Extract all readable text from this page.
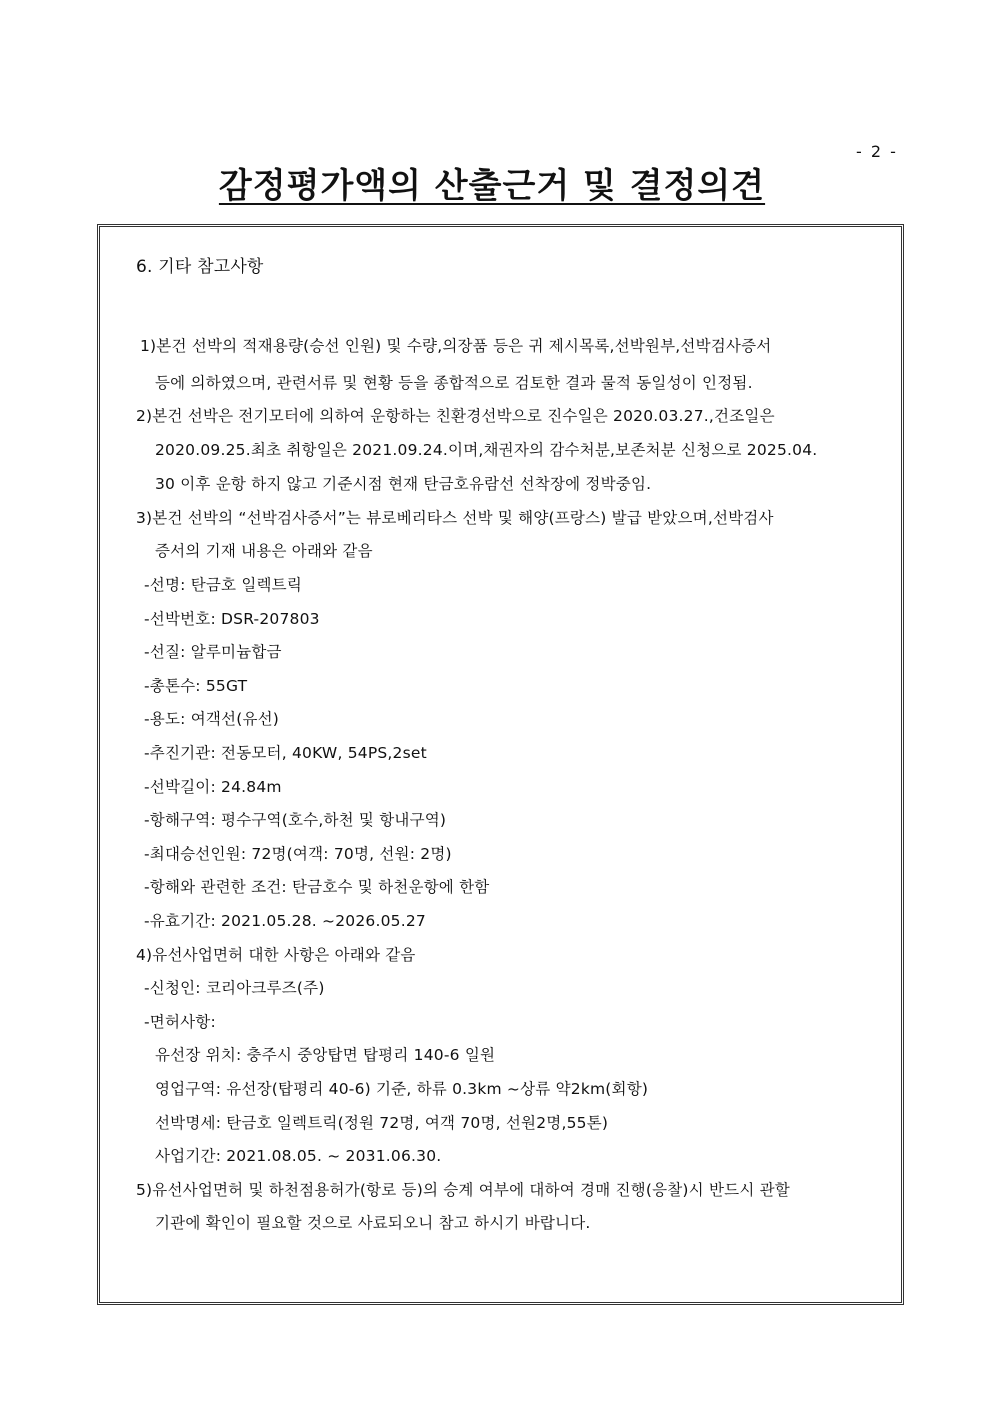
- 2 -
감정평가액의 산출근거 및 결정의견
6. 기타 참고사항
1)본건 선박의 적재용량(승선 인원) 및 수량,의장품 등은 귀 제시목록,선박원부,선박검사증서
등에 의하였으며, 관련서류 및 현황 등을 종합적으로 검토한 결과 물적 동일성이 인정됨.
2)본건 선박은 전기모터에 의하여 운항하는 친환경선박으로 진수일은 2020.03.27.,건조일은
2020.09.25.최초 취항일은 2021.09.24.이며,채권자의 감수처분,보존처분 신청으로 2025.04.
30 이후 운항 하지 않고 기준시점 현재 탄금호유람선 선착장에 정박중임.
3)본건 선박의 “선박검사증서”는 뷰로베리타스 선박 및 해양(프랑스) 발급 받았으며,선박검사
증서의 기재 내용은 아래와 같음
-선명: 탄금호 일렉트릭
-선박번호: DSR-207803
-선질: 알루미늄합금
-총톤수: 55GT
-용도: 여객선(유선)
-추진기관: 전동모터, 40KW, 54PS,2set
-선박길이: 24.84m
-항해구역: 평수구역(호수,하천 및 항내구역)
-최대승선인원: 72명(여객: 70명, 선원: 2명)
-항해와 관련한 조건: 탄금호수 및 하천운항에 한함
-유효기간: 2021.05.28. ~2026.05.27
4)유선사업면허 대한 사항은 아래와 같음
-신청인: 코리아크루즈(주)
-면허사항:
유선장 위치: 충주시 중앙탑면 탑평리 140-6 일원
영업구역: 유선장(탑평리 40-6) 기준, 하류 0.3km ~상류 약2km(회항)
선박명세: 탄금호 일렉트릭(정원 72명, 여객 70명, 선원2명,55톤)
사업기간: 2021.08.05. ~ 2031.06.30.
5)유선사업면허 및 하천점용허가(항로 등)의 승계 여부에 대하여 경매 진행(응찰)시 반드시 관할
기관에 확인이 필요할 것으로 사료되오니 참고 하시기 바랍니다.
